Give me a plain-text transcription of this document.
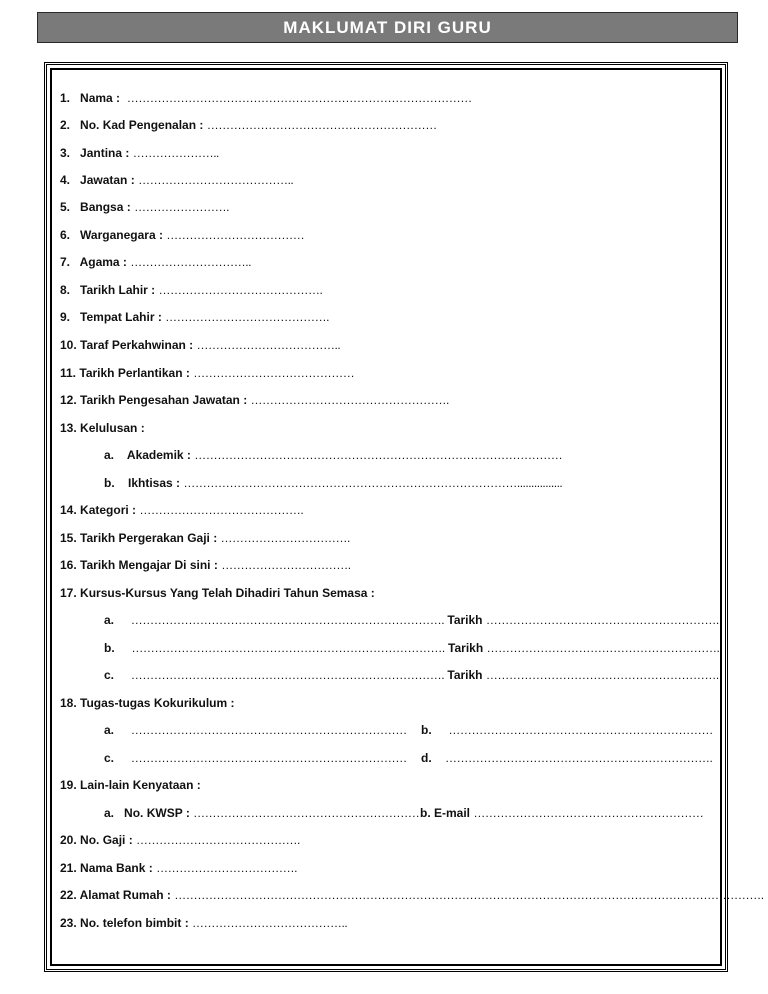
MAKLUMAT DIRI GURU
1. Nama : ………………………………………………………………………………
2. No. Kad Pengenalan : ……………………………………………………
3. Jantina : …………………..
4. Jawatan : …………………………………..
5. Bangsa : …………………….
6. Warganegara : ………………………………
7. Agama : …………………………..
8. Tarikh Lahir : …………………………………….
9. Tempat Lahir : …………………………………….
10. Taraf Perkahwinan : ………………………………..
11. Tarikh Perlantikan : ……………………………………
12. Tarikh Pengesahan Jawatan : …………………………………………….
13. Kelulusan :
a. Akademik : ……………………………………………………………………………………
b. Ikhtisas : ……………………………………………………………………………................
14. Kategori : …………………………………….
15. Tarikh Pergerakan Gaji : …………………………….
16. Tarikh Mengajar Di sini : …………………………….
17. Kursus-Kursus Yang Telah Dihadiri Tahun Semasa :
a. ………………………………………………………………………. Tarikh …………………………………………………….
b. ………………………………………………………………………. Tarikh …………………………………………………….
c. ………………………………………………………………………. Tarikh …………………………………………………….
18. Tugas-tugas Kokurikulum :
a. ……………………………………………………………… b. ……………………………………………………………
c. ……………………………………………………………… d. …………………………………………………………….
19. Lain-lain Kenyataan :
a. No. KWSP : ……………………………………………………
b. E-mail ……………………………………………………
20. No. Gaji : …………………………………….
21. Nama Bank : ……………………………….
22. Alamat Rumah : ……………………………………………………………………………………………………………………………………….
23. No. telefon bimbit : …………………………………..
